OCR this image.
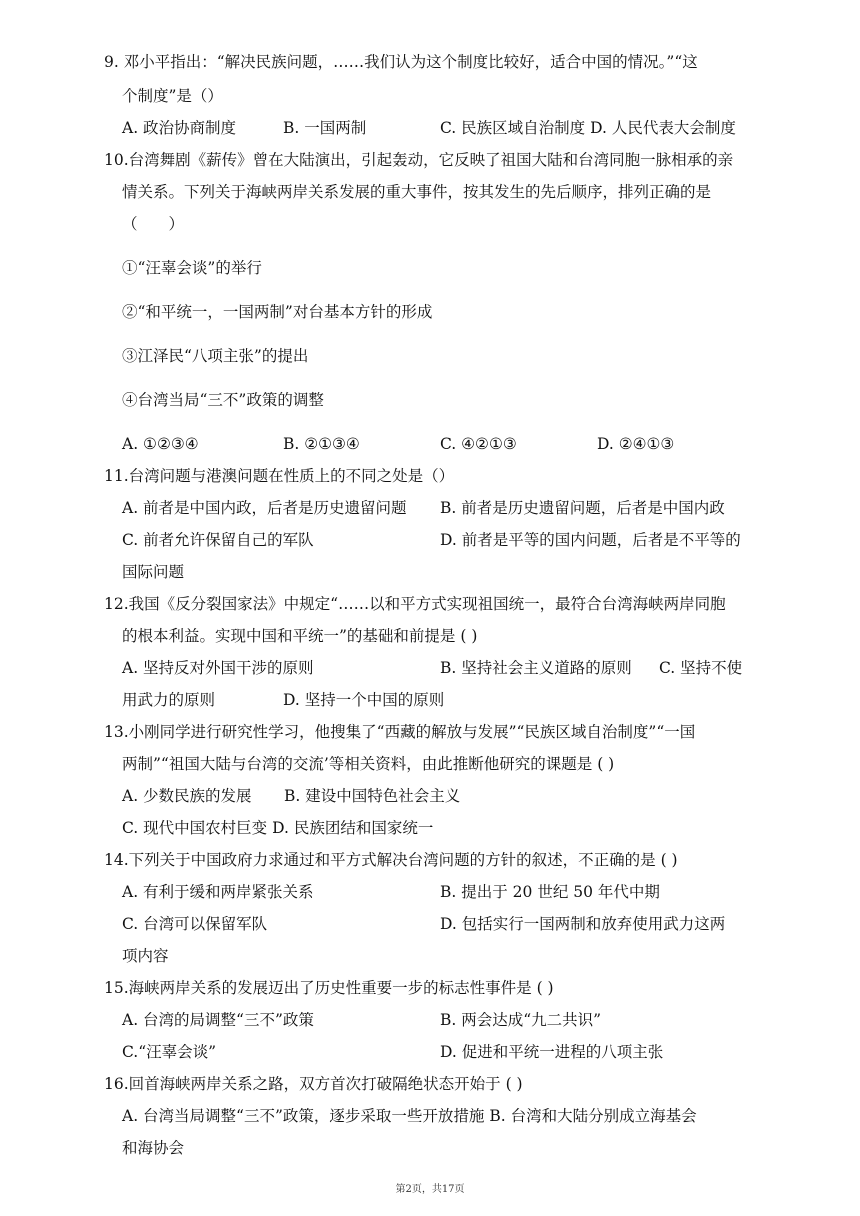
9. 邓小平指出：“解决民族问题，……我们认为这个制度比较好，适合中国的情况。”“这
个制度”是（）
A. 政治协商制度	B. 一国两制	C. 民族区域自治制度 D. 人民代表大会制度
10.台湾舞剧《薪传》曾在大陆演出，引起轰动，它反映了祖国大陆和台湾同胞一脉相承的亲
情关系。下列关于海峡两岸关系发展的重大事件，按其发生的先后顺序，排列正确的是
（　　）
①“汪辜会谈”的举行
②“和平统一，一国两制”对台基本方针的形成
③江泽民“八项主张”的提出
④台湾当局“三不”政策的调整
A. ①②③④	B. ②①③④	C. ④②①③	D. ②④①③
11.台湾问题与港澳问题在性质上的不同之处是（）
A. 前者是中国内政，后者是历史遗留问题 B. 前者是历史遗留问题，后者是中国内政
C. 前者允许保留自己的军队	D. 前者是平等的国内问题，后者是不平等的
国际问题
12.我国《反分裂国家法》中规定“……以和平方式实现祖国统一，最符合台湾海峡两岸同胞
的根本利益。实现中国和平统一”的基础和前提是 ( )
A. 坚持反对外国干涉的原则	B. 坚持社会主义道路的原则 C. 坚持不使
用武力的原则	D. 坚持一个中国的原则
13.小刚同学进行研究性学习，他搜集了“西藏的解放与发展”“民族区域自治制度”“一国
两制”“祖国大陆与台湾的交流’等相关资料，由此推断他研究的课题是 ( )
A. 少数民族的发展 B. 建设中国特色社会主义
C. 现代中国农村巨变 D. 民族团结和国家统一
14.下列关于中国政府力求通过和平方式解决台湾问题的方针的叙述，不正确的是 ( )
A. 有利于缓和两岸紧张关系	B. 提出于 20 世纪 50 年代中期
C. 台湾可以保留军队	D. 包括实行一国两制和放弃使用武力这两
项内容
15.海峡两岸关系的发展迈出了历史性重要一步的标志性事件是 ( )
A. 台湾的局调整“三不”政策	B. 两会达成“九二共识”
C.“汪辜会谈”	D. 促进和平统一进程的八项主张
16.回首海峡两岸关系之路，双方首次打破隔绝状态开始于 ( )
A. 台湾当局调整“三不”政策，逐步采取一些开放措施 B. 台湾和大陆分别成立海基会
和海协会
第2页，共17页
